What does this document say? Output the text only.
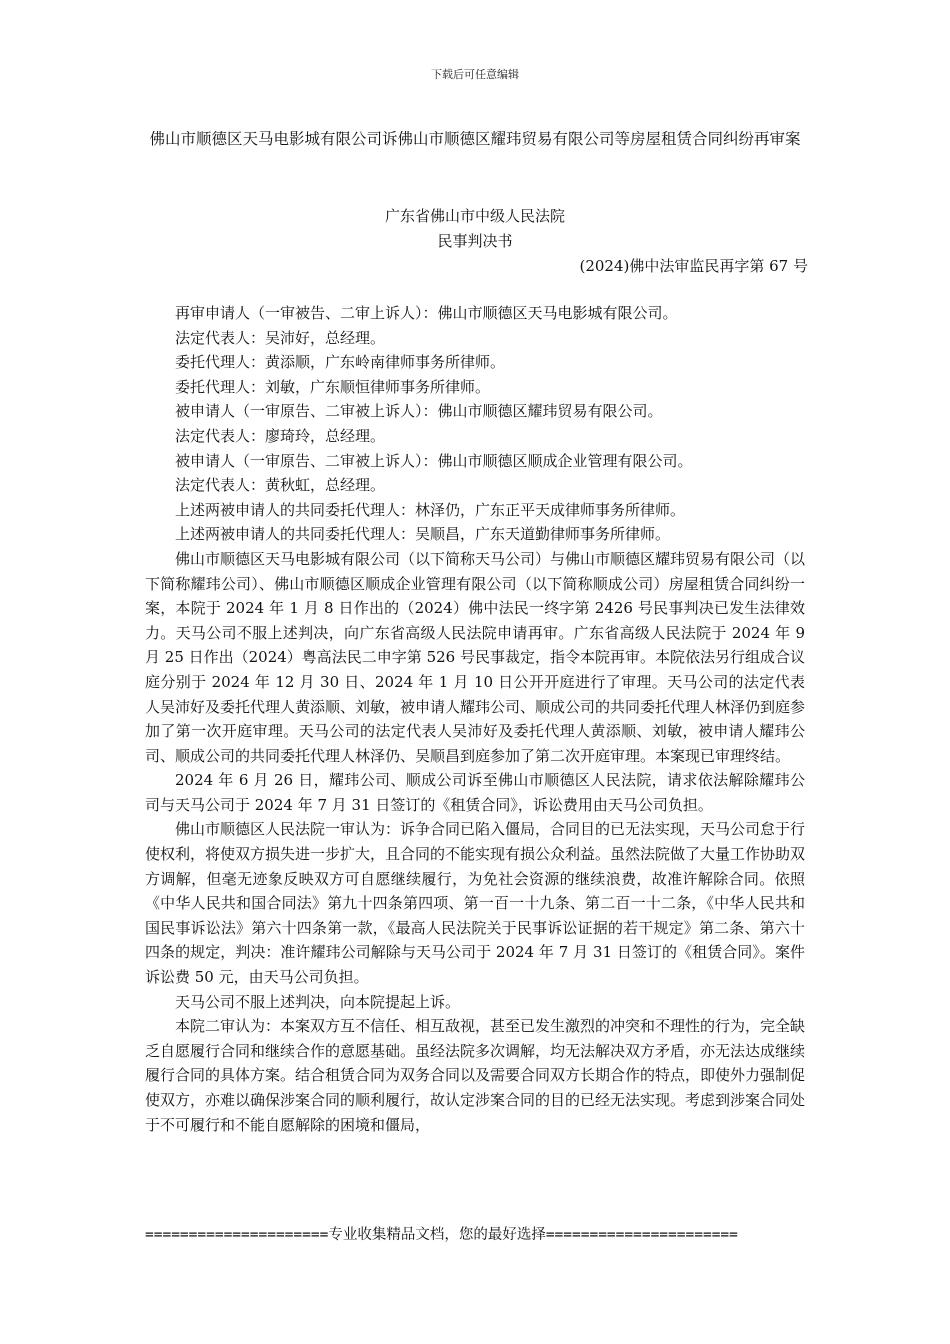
下载后可任意编辑
佛山市顺德区天马电影城有限公司诉佛山市顺德区耀玮贸易有限公司等房屋租赁合同纠纷再审案
广东省佛山市中级人民法院
民事判决书
(2024)佛中法审监民再字第 67 号

再审申请人（一审被告、二审上诉人）：佛山市顺德区天马电影城有限公司。

法定代表人：吴沛好，总经理。

委托代理人：黄添顺，广东岭南律师事务所律师。

委托代理人：刘敏，广东顺恒律师事务所律师。

被申请人（一审原告、二审被上诉人）：佛山市顺德区耀玮贸易有限公司。

法定代表人：廖琦玲，总经理。

被申请人（一审原告、二审被上诉人）：佛山市顺德区顺成企业管理有限公司。

法定代表人：黄秋虹，总经理。

上述两被申请人的共同委托代理人：林泽仍，广东正平天成律师事务所律师。

上述两被申请人的共同委托代理人：吴顺昌，广东天道勤律师事务所律师。

佛山市顺德区天马电影城有限公司（以下简称天马公司）与佛山市顺德区耀玮贸易有限公司（以下简称耀玮公司）、佛山市顺德区顺成企业管理有限公司（以下简称顺成公司）房屋租赁合同纠纷一案，本院于 2024 年 1 月 8 日作出的（2024）佛中法民一终字第 2426 号民事判决已发生法律效力。天马公司不服上述判决，向广东省高级人民法院申请再审。广东省高级人民法院于 2024 年 9 月 25 日作出（2024）粤高法民二申字第 526 号民事裁定，指令本院再审。本院依法另行组成合议庭分别于 2024 年 12 月 30 日、2024 年 1 月 10 日公开开庭进行了审理。天马公司的法定代表人吴沛好及委托代理人黄添顺、刘敏，被申请人耀玮公司、顺成公司的共同委托代理人林泽仍到庭参加了第一次开庭审理。天马公司的法定代表人吴沛好及委托代理人黄添顺、刘敏，被申请人耀玮公司、顺成公司的共同委托代理人林泽仍、吴顺昌到庭参加了第二次开庭审理。本案现已审理终结。

2024 年 6 月 26 日，耀玮公司、顺成公司诉至佛山市顺德区人民法院，请求依法解除耀玮公司与天马公司于 2024 年 7 月 31 日签订的《租赁合同》，诉讼费用由天马公司负担。

佛山市顺德区人民法院一审认为：诉争合同已陷入僵局，合同目的已无法实现，天马公司怠于行使权利，将使双方损失进一步扩大，且合同的不能实现有损公众利益。虽然法院做了大量工作协助双方调解，但毫无迹象反映双方可自愿继续履行，为免社会资源的继续浪费，故准许解除合同。依照《中华人民共和国合同法》第九十四条第四项、第一百一十九条、第二百一十二条，《中华人民共和国民事诉讼法》第六十四条第一款，《最高人民法院关于民事诉讼证据的若干规定》第二条、第六十四条的规定，判决：准许耀玮公司解除与天马公司于 2024 年 7 月 31 日签订的《租赁合同》。案件诉讼费 50 元，由天马公司负担。

天马公司不服上述判决，向本院提起上诉。

本院二审认为：本案双方互不信任、相互敌视，甚至已发生激烈的冲突和不理性的行为，完全缺乏自愿履行合同和继续合作的意愿基础。虽经法院多次调解，均无法解决双方矛盾，亦无法达成继续履行合同的具体方案。结合租赁合同为双务合同以及需要合同双方长期合作的特点，即使外力强制促使双方，亦难以确保涉案合同的顺利履行，故认定涉案合同的目的已经无法实现。考虑到涉案合同处于不可履行和不能自愿解除的困境和僵局，

=====================专业收集精品文档，您的最好选择======================
